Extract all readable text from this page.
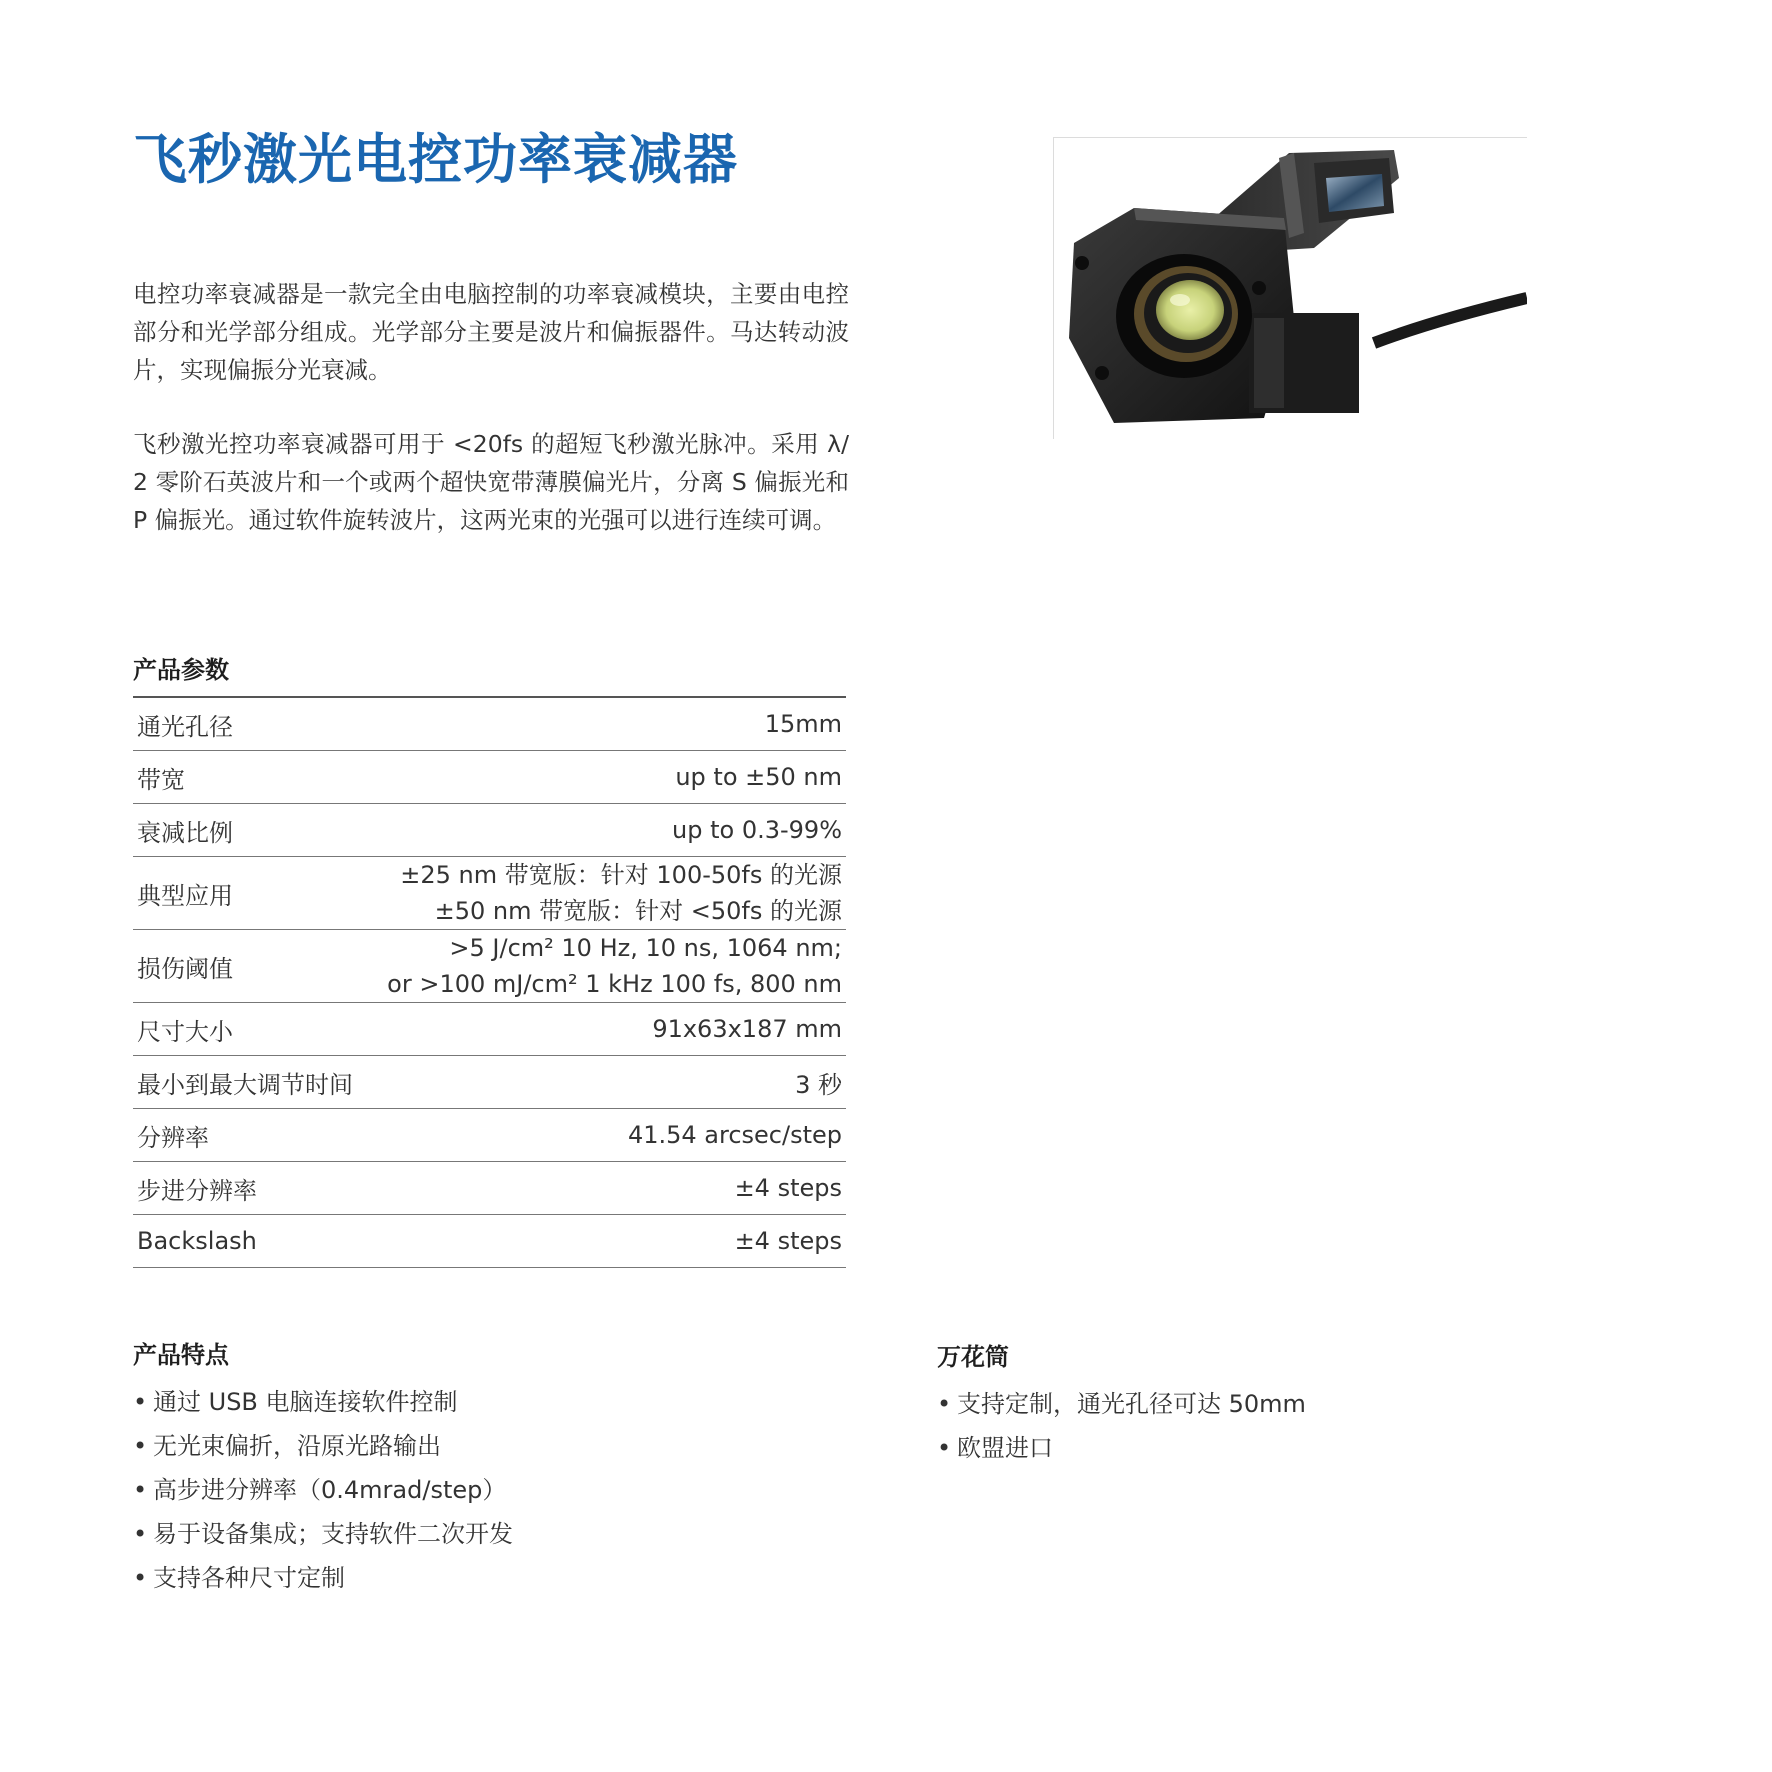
飞秒激光电控功率衰减器

电控功率衰减器是一款完全由电脑控制的功率衰减模块，主要由电控部分和光学部分组成。光学部分主要是波片和偏振器件。马达转动波片，实现偏振分光衰减。

飞秒激光控功率衰减器可用于 <20fs 的超短飞秒激光脉冲。采用 λ/ 2 零阶石英波片和一个或两个超快宽带薄膜偏光片，分离 S 偏振光和 P 偏振光。通过软件旋转波片，这两光束的光强可以进行连续可调。

产品参数
通光孔径	15mm
带宽	up to ±50 nm
衰减比例	up to 0.3-99%
典型应用	±25 nm 带宽版：针对 100-50fs 的光源
±50 nm 带宽版：针对 <50fs 的光源

损伤阈值	>5 J/cm² 10 Hz, 10 ns, 1064 nm;
or >100 mJ/cm² 1 kHz 100 fs, 800 nm

尺寸大小	91x63x187 mm
最小到最大调节时间	3 秒
分辨率	41.54 arcsec/step
步进分辨率	±4 steps
Backslash	±4 steps
产品特点
• 通过 USB 电脑连接软件控制
• 无光束偏折，沿原光路输出
• 高步进分辨率（0.4mrad/step）
• 易于设备集成；支持软件二次开发
• 支持各种尺寸定制
万花筒
• 支持定制，通光孔径可达 50mm
• 欧盟进口
